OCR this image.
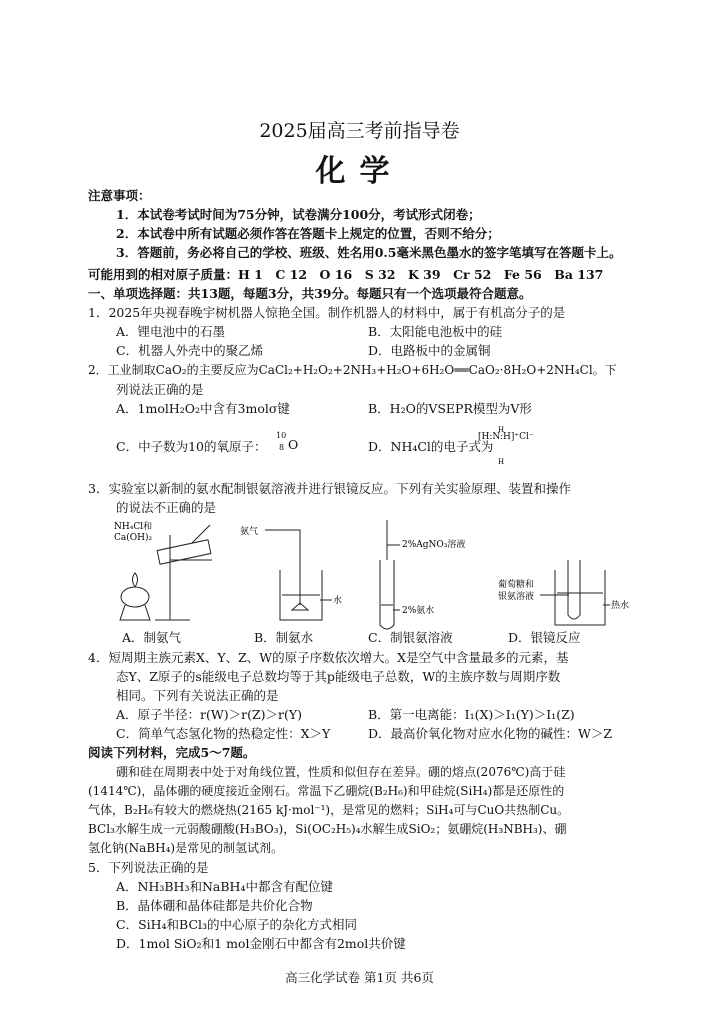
2025届高三考前指导卷
化学
注意事项：
1．本试卷考试时间为75分钟，试卷满分100分，考试形式闭卷；
2．本试卷中所有试题必须作答在答题卡上规定的位置，否则不给分；
3．答题前，务必将自己的学校、班级、姓名用0.5毫米黑色墨水的签字笔填写在答题卡上。
可能用到的相对原子质量：H 1　C 12　O 16　S 32　K 39　Cr 52　Fe 56　Ba 137
一、单项选择题：共13题，每题3分，共39分。每题只有一个选项最符合题意。
1．2025年央视春晚宇树机器人惊艳全国。制作机器人的材料中，属于有机高分子的是
A．锂电池中的石墨	B．太阳能电池板中的硅
C．机器人外壳中的聚乙烯	D．电路板中的金属铜
2．工业制取CaO₂的主要反应为CaCl₂+H₂O₂+2NH₃+H₂O+6H₂O══CaO₂·8H₂O+2NH₄Cl。下
列说法正确的是
A．1molH₂O₂中含有3molσ键	B．H₂O的VSEPR模型为V形
C．中子数为10的氧原子：
10
8 O	D．NH₄Cl的电子式为
[H:N:H]⁺Cl⁻
H
H
3．实验室以新制的氨水配制银氨溶液并进行银镜反应。下列有关实验原理、装置和操作
的说法不正确的是
NH₄Cl和
Ca(OH)₂
氨气
水
2%AgNO₃溶液
2%氨水
葡萄糖和
银氨溶液
热水
A．制氨气	B．制氨水	C．制银氨溶液	D．银镜反应
4．短周期主族元素X、Y、Z、W的原子序数依次增大。X是空气中含量最多的元素，基
态Y、Z原子的s能级电子总数均等于其p能级电子总数，W的主族序数与周期序数
相同。下列有关说法正确的是
A．原子半径：r(W)＞r(Z)＞r(Y)	B．第一电离能：I₁(X)＞I₁(Y)＞I₁(Z)
C．简单气态氢化物的热稳定性：X＞Y	D．最高价氧化物对应水化物的碱性：W＞Z
阅读下列材料，完成5～7题。
硼和硅在周期表中处于对角线位置，性质和似但存在差异。硼的熔点(2076℃)高于硅
(1414℃)，晶体硼的硬度接近金刚石。常温下乙硼烷(B₂H₆)和甲硅烷(SiH₄)都是还原性的
气体，B₂H₆有较大的燃烧热(2165 kJ·mol⁻¹)，是常见的燃料；SiH₄可与CuO共热制Cu。
BCl₃水解生成一元弱酸硼酸(H₃BO₃)，Si(OC₂H₅)₄水解生成SiO₂；氨硼烷(H₃NBH₃)、硼
氢化钠(NaBH₄)是常见的制氢试剂。
5．下列说法正确的是
A．NH₃BH₃和NaBH₄中都含有配位键
B．晶体硼和晶体硅都是共价化合物
C．SiH₄和BCl₃的中心原子的杂化方式相同
D．1mol SiO₂和1 mol金刚石中都含有2mol共价键
高三化学试卷 第1页 共6页
